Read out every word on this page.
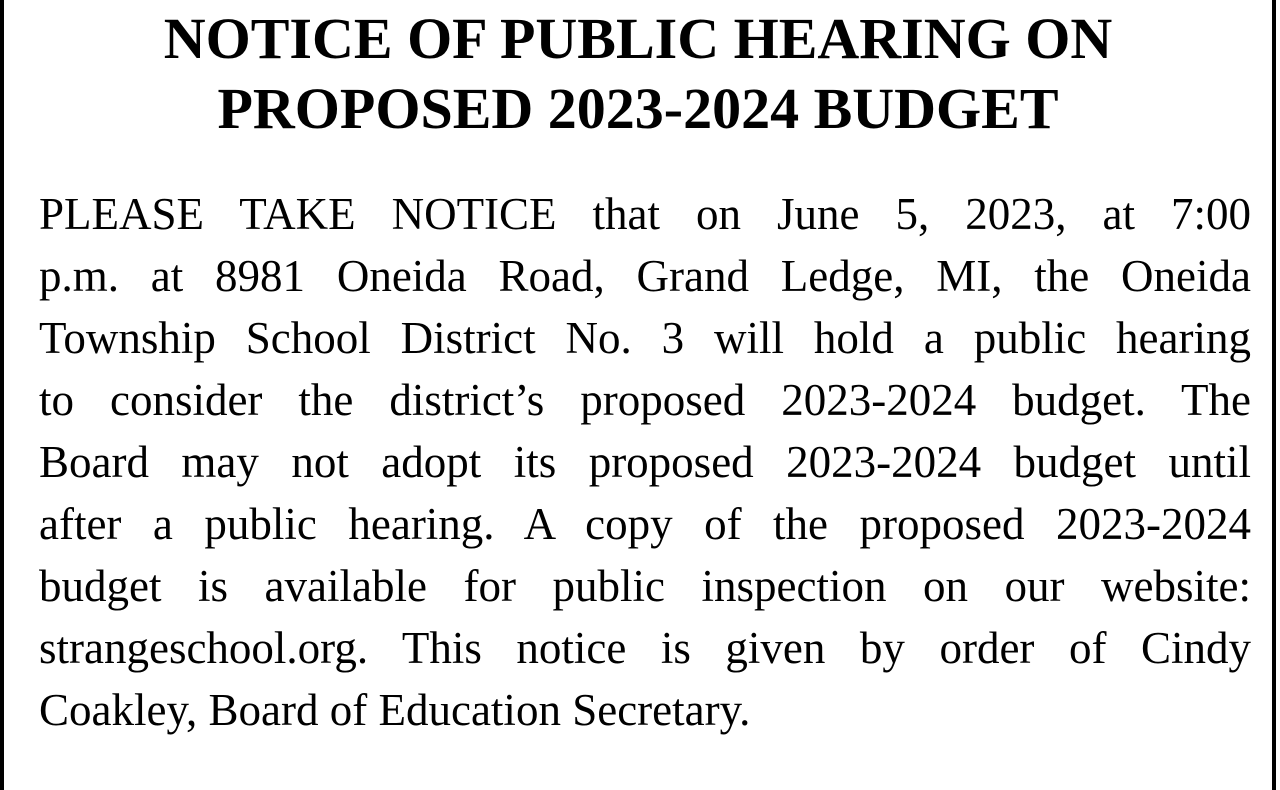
NOTICE OF PUBLIC HEARING ON
PROPOSED 2023-2024 BUDGET

PLEASE TAKE NOTICE that on June 5, 2023, at 7:00
p.m. at 8981 Oneida Road, Grand Ledge, MI, the Oneida
Township School District No. 3 will hold a public hearing
to consider the district’s proposed 2023-2024 budget. The
Board may not adopt its proposed 2023-2024 budget until
after a public hearing. A copy of the proposed 2023-2024
budget is available for public inspection on our website:
strangeschool.org. This notice is given by order of Cindy
Coakley, Board of Education Secretary.
